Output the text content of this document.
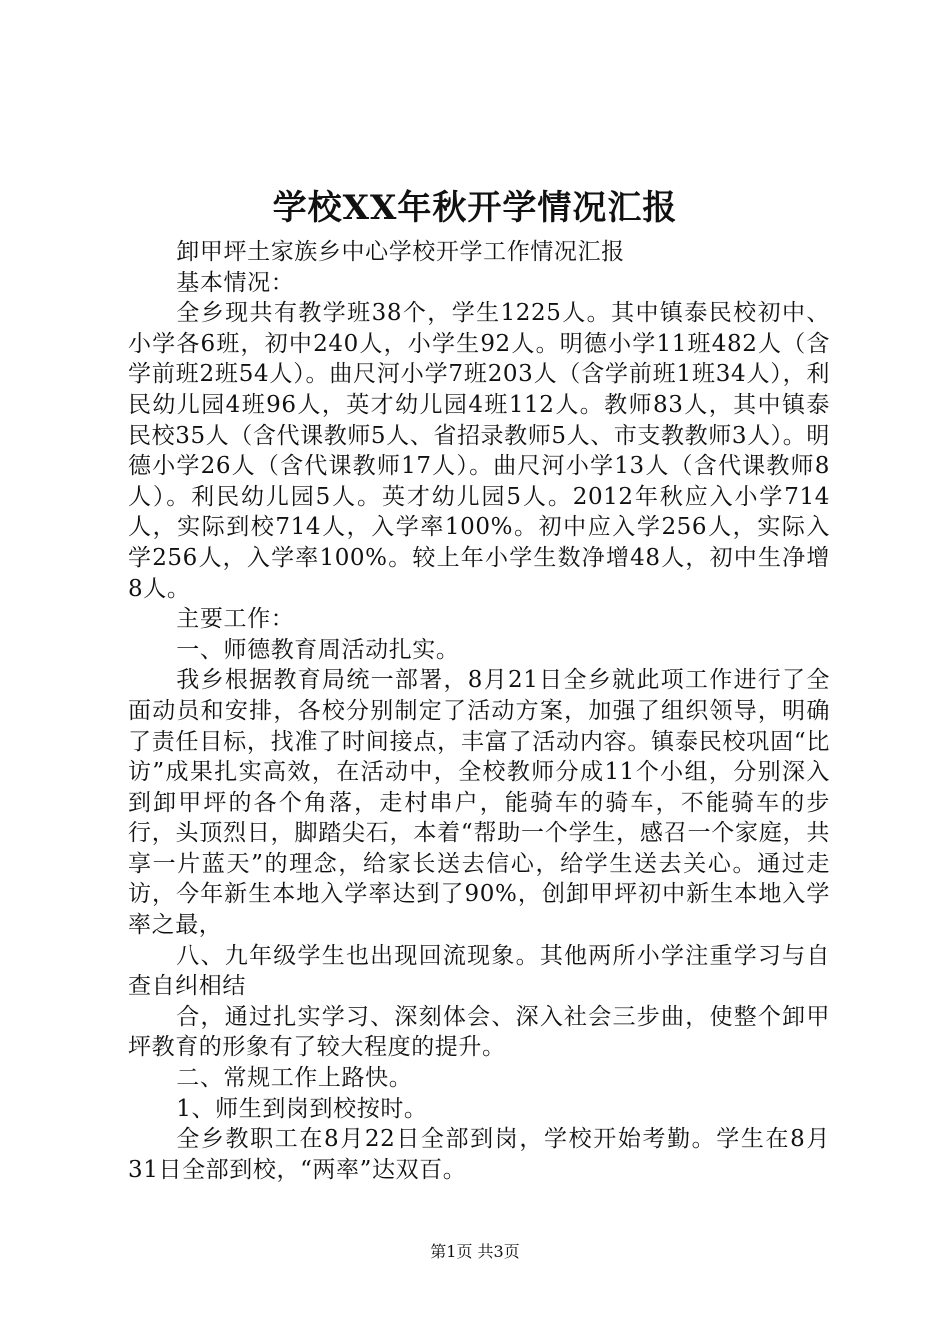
学校XX年秋开学情况汇报

卸甲坪土家族乡中心学校开学工作情况汇报

基本情况：

全乡现共有教学班38个，学生1225人。其中镇泰民校初中、小学各6班，初中240人，小学生92人。明德小学11班482人（含学前班2班54人）。曲尺河小学7班203人（含学前班1班34人），利民幼儿园4班96人，英才幼儿园4班112人。教师83人，其中镇泰民校35人（含代课教师5人、省招录教师5人、市支教教师3人）。明德小学26人（含代课教师17人）。曲尺河小学13人（含代课教师8人）。利民幼儿园5人。英才幼儿园5人。2012年秋应入小学714人，实际到校714人，入学率100%。初中应入学256人，实际入学256人，入学率100%。较上年小学生数净增48人，初中生净增8人。

主要工作：

一、师德教育周活动扎实。

我乡根据教育局统一部署，8月21日全乡就此项工作进行了全面动员和安排，各校分别制定了活动方案，加强了组织领导，明确了责任目标，找准了时间接点，丰富了活动内容。镇泰民校巩固“比访”成果扎实高效，在活动中，全校教师分成11个小组，分别深入到卸甲坪的各个角落，走村串户，能骑车的骑车，不能骑车的步行，头顶烈日，脚踏尖石，本着“帮助一个学生，感召一个家庭，共享一片蓝天”的理念，给家长送去信心，给学生送去关心。通过走访，今年新生本地入学率达到了90%，创卸甲坪初中新生本地入学率之最，

八、九年级学生也出现回流现象。其他两所小学注重学习与自查自纠相结

合，通过扎实学习、深刻体会、深入社会三步曲，使整个卸甲坪教育的形象有了较大程度的提升。

二、常规工作上路快。

1、师生到岗到校按时。

全乡教职工在8月22日全部到岗，学校开始考勤。学生在8月31日全部到校，“两率”达双百。

第1页 共3页
